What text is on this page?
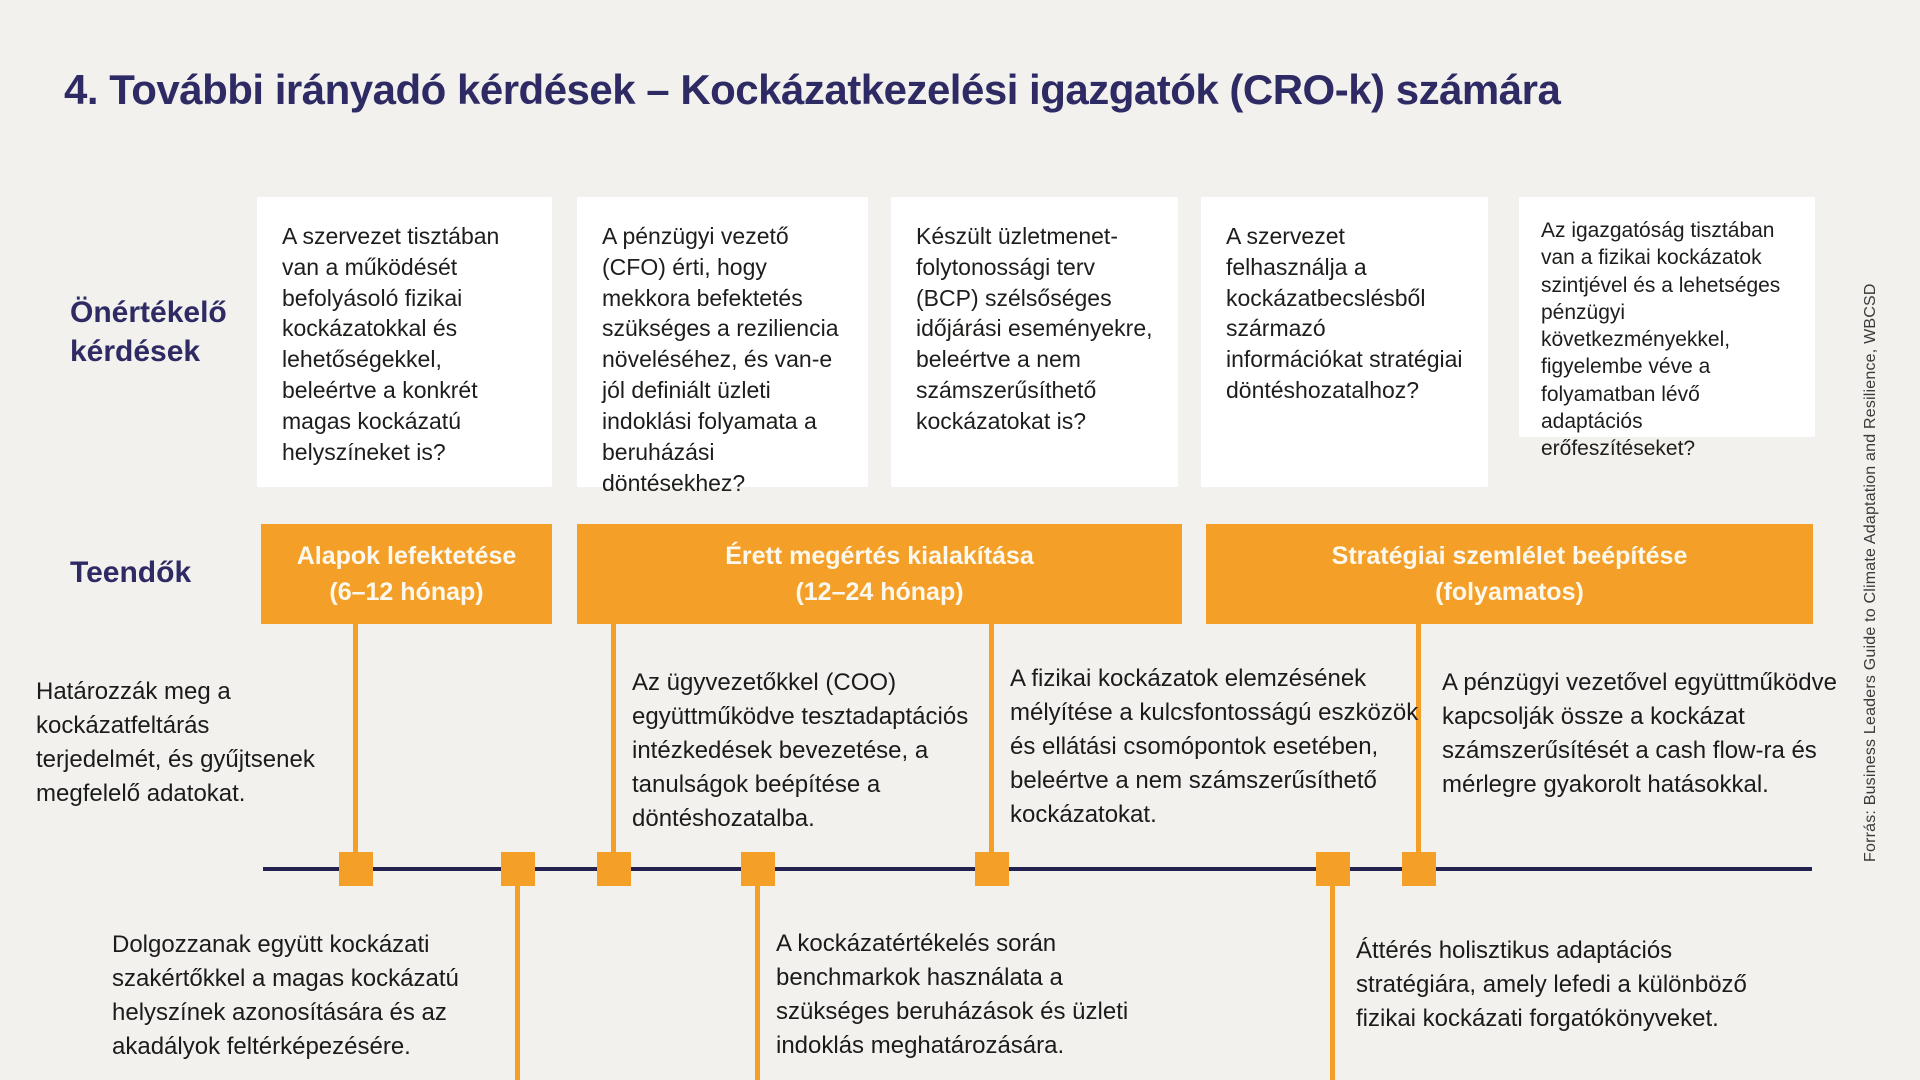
4. További irányadó kérdések – Kockázatkezelési igazgatók (CRO-k) számára
Önértékelő kérdések
Teendők
A szervezet tisztában van a működését befolyásoló fizikai kockázatokkal és lehetőségekkel, beleértve a konkrét magas kockázatú helyszíneket is?
A pénzügyi vezető (CFO) érti, hogy mekkora befektetés szükséges a reziliencia növeléséhez, és van-e jól definiált üzleti indoklási folyamata a beruházási döntésekhez?
Készült üzletmenet-folytonossági terv (BCP) szélsőséges időjárási eseményekre, beleértve a nem számszerűsíthető kockázatokat is?
A szervezet felhasználja a kockázatbecslésből származó információkat stratégiai döntéshozatalhoz?
Az igazgatóság tisztában van a fizikai kockázatok szintjével és a lehetséges pénzügyi következményekkel, figyelembe véve a folyamatban lévő adaptációs erőfeszítéseket?
Alapok lefektetése
(6–12 hónap)
Érett megértés kialakítása
(12–24 hónap)
Stratégiai szemlélet beépítése
(folyamatos)
Határozzák meg a kockázatfeltárás terjedelmét, és gyűjtsenek megfelelő adatokat.
Az ügyvezetőkkel (COO) együttműködve tesztadaptációs intézkedések bevezetése, a tanulságok beépítése a döntéshozatalba.
A fizikai kockázatok elemzésének mélyítése a kulcsfontosságú eszközök és ellátási csomópontok esetében, beleértve a nem számszerűsíthető kockázatokat.
A pénzügyi vezetővel együttműködve kapcsolják össze a kockázat számszerűsítését a cash flow-ra és mérlegre gyakorolt hatásokkal.
Dolgozzanak együtt kockázati szakértőkkel a magas kockázatú helyszínek azonosítására és az akadályok feltérképezésére.
A kockázatértékelés során benchmarkok használata a szükséges beruházások és üzleti indoklás meghatározására.
Áttérés holisztikus adaptációs stratégiára, amely lefedi a különböző fizikai kockázati forgatókönyveket.
Forrás: Business Leaders Guide to Climate Adaptation and Resilience, WBCSD
